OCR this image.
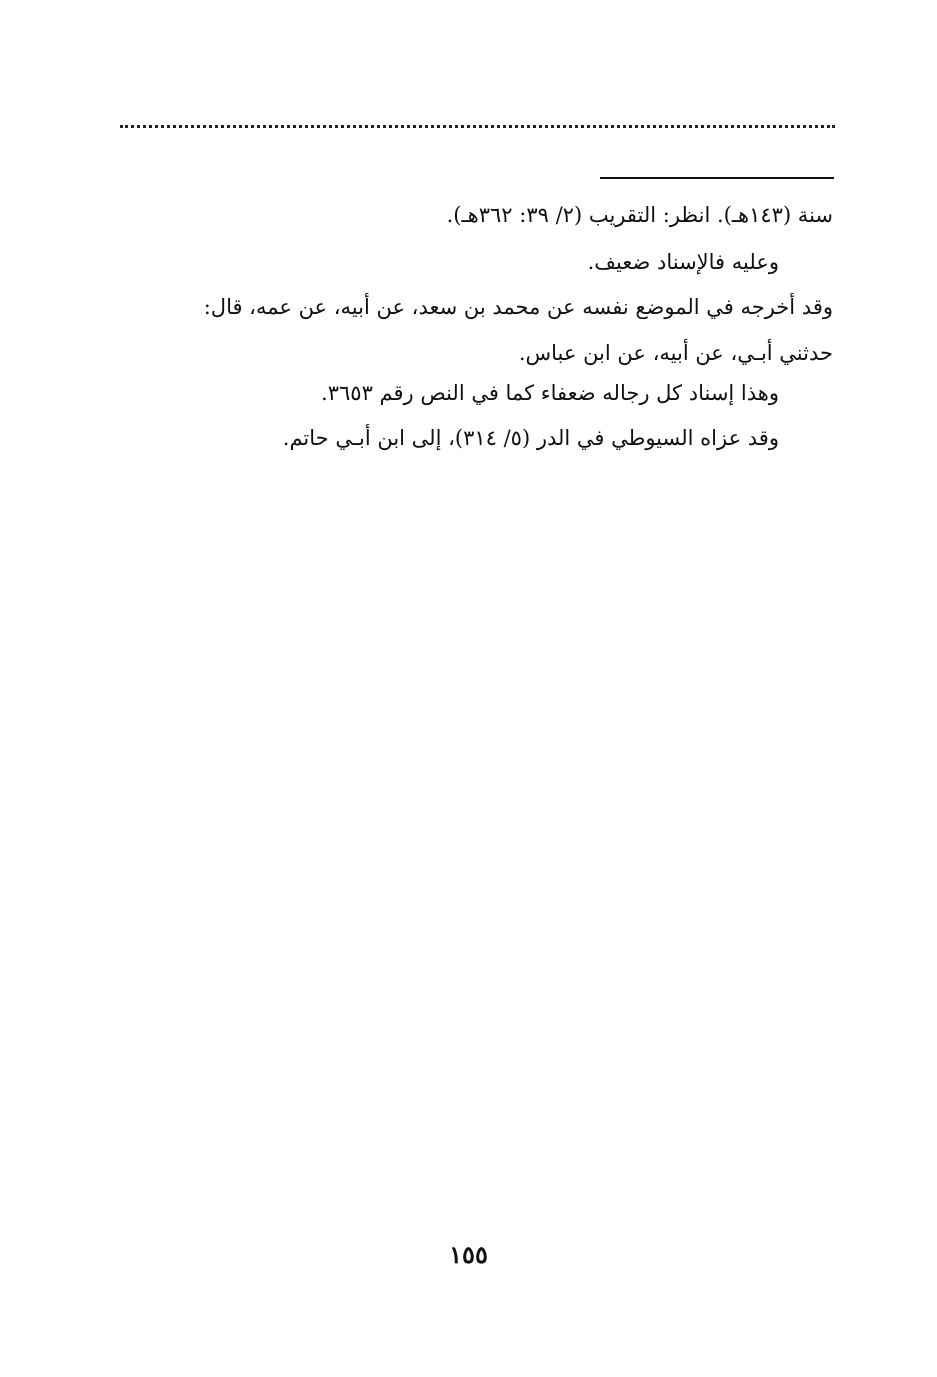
سنة (١٤٣هـ). انظر: التقريب (٢/ ٣٩: ٣٦٢هـ).
وعليه فالإسناد ضعيف.
وقد أخرجه في الموضع نفسه عن محمد بن سعد، عن أبيه، عن عمه، قال:
حدثني أبـي، عن أبيه، عن ابن عباس.
وهذا إسناد كل رجاله ضعفاء كما في النص رقم ٣٦٥٣.
وقد عزاه السيوطي في الدر (٥/ ٣١٤)، إلى ابن أبـي حاتم.
١٥٥
